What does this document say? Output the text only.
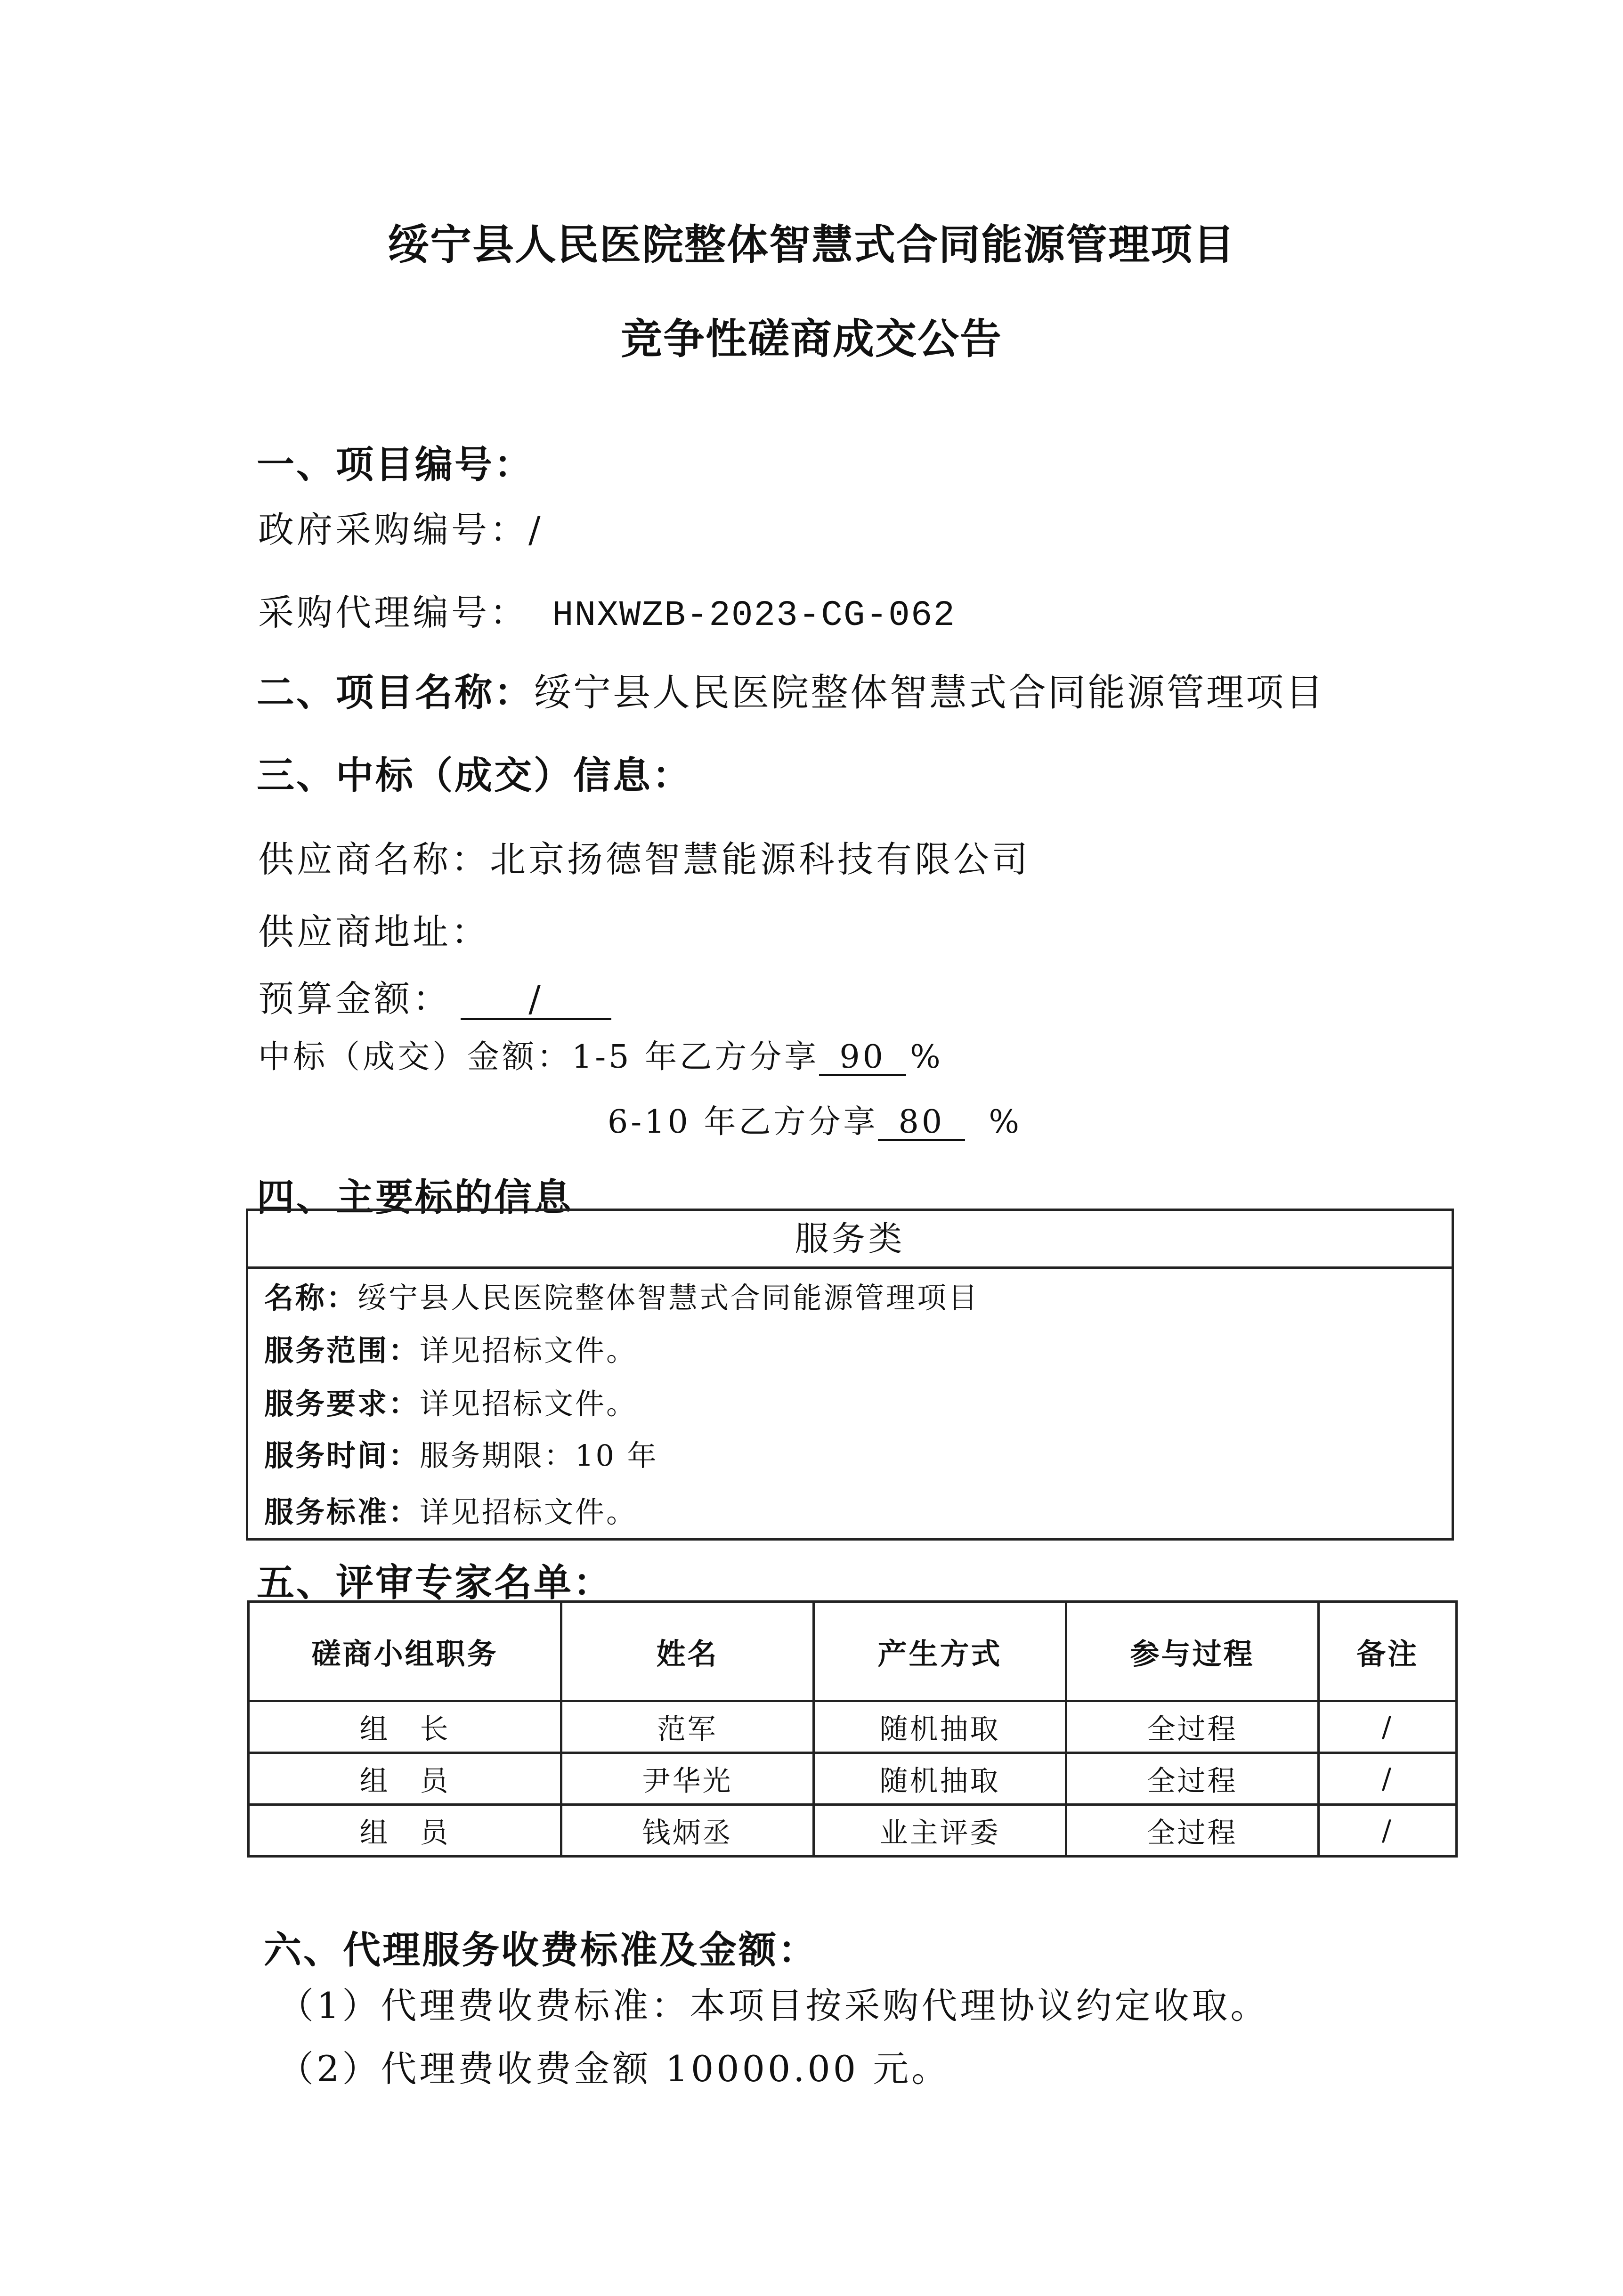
绥宁县人民医院整体智慧式合同能源管理项目
竞争性磋商成交公告
一、项目编号：
政府采购编号：/
采购代理编号： HNXWZB-2023-CG-062
二、项目名称：绥宁县人民医院整体智慧式合同能源管理项目
三、中标（成交）信息：
供应商名称：北京扬德智慧能源科技有限公司
供应商地址：
预算金额： /
中标（成交）金额：1-5 年乙方分享 90 %
6-10 年乙方分享 80 %
四、主要标的信息
服务类
名称：绥宁县人民医院整体智慧式合同能源管理项目
服务范围：详见招标文件。
服务要求：详见招标文件。
服务时间：服务期限：10 年
服务标准：详见招标文件。
五、评审专家名单：
磋商小组职务	姓名	产生方式	参与过程	备注
组　长	范军	随机抽取	全过程	/
组　员	尹华光	随机抽取	全过程	/
组　员	钱炳丞	业主评委	全过程	/
六、代理服务收费标准及金额：
（1）代理费收费标准：本项目按采购代理协议约定收取。
（2）代理费收费金额 10000.00 元。
